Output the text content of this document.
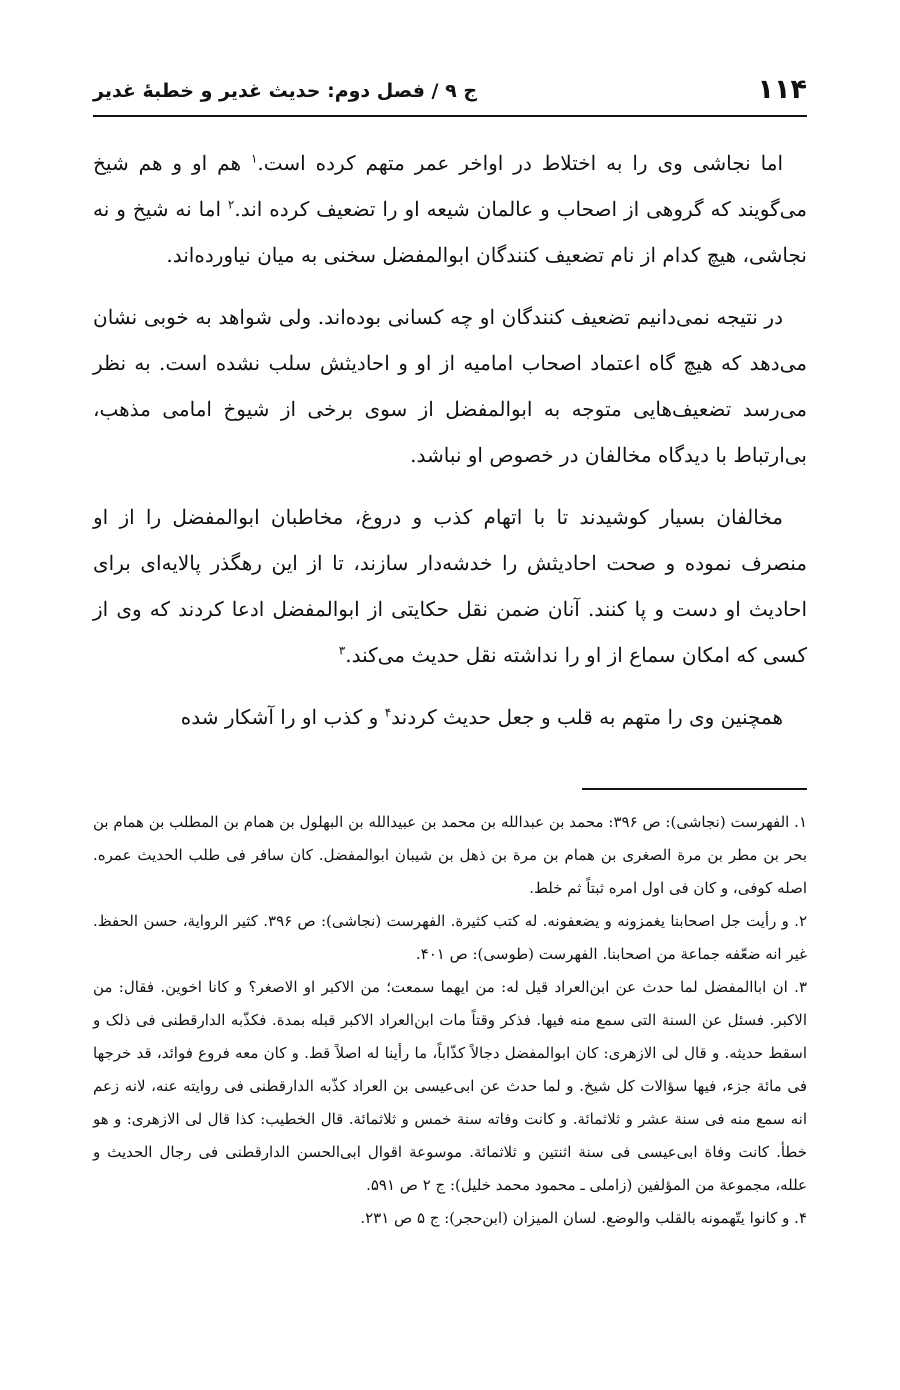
۱۱۴
ج ۹ / فصل دوم: حدیث غدیر و خطبهٔ غدیر

اما نجاشی وی را به اختلاط در اواخر عمر متهم کرده است.$^۱$ هم او و هم شیخ می‌گویند که گروهی از اصحاب و عالمان شیعه او را تضعیف کرده اند.$^۲$ اما نه شیخ و نه نجاشی، هیچ کدام از نام تضعیف کنندگان ابوالمفضل سخنی به میان نیاورده‌اند.

در نتیجه نمی‌دانیم تضعیف کنندگان او چه کسانی بوده‌اند. ولی شواهد به خوبی نشان می‌دهد که هیچ گاه اعتماد اصحاب امامیه از او و احادیثش سلب نشده است. به نظر می‌رسد تضعیف‌هایی متوجه به ابوالمفضل از سوی برخی از شیوخ امامی مذهب، بی‌ارتباط با دیدگاه مخالفان در خصوص او نباشد.

مخالفان بسیار کوشیدند تا با اتهام کذب و دروغ، مخاطبان ابوالمفضل را از او منصرف نموده و صحت احادیثش را خدشه‌دار سازند، تا از این رهگذر پالایه‌ای برای احادیث او دست و پا کنند. آنان ضمن نقل حکایتی از ابوالمفضل ادعا کردند که وی از کسی که امکان سماع از او را نداشته نقل حدیث می‌کند.$^۳$

همچنین وی را متهم به قلب و جعل حدیث کردند$^۴$ و کذب او را آشکار شده

۱. الفهرست (نجاشی): ص ۳۹۶: محمد بن عبدالله بن محمد بن عبیدالله بن البهلول بن همام بن المطلب بن همام بن بحر بن مطر بن مرة الصغری بن همام بن مرة بن ذهل بن شیبان ابوالمفضل. کان سافر فی طلب الحدیث عمره. اصله کوفی، و کان فی اول امره ثبتاً ثم خلط.

۲. و رأیت جل اصحابنا یغمزونه و یضعفونه. له کتب کثیرة. الفهرست (نجاشی): ص ۳۹۶. کثیر الروایة، حسن الحفظ. غیر انه ضعّفه جماعة من اصحابنا. الفهرست (طوسی): ص ۴۰۱.

۳. ان اباالمفضل لما حدث عن ابن‌العراد قیل له: من ایهما سمعت؛ من الاکبر او الاصغر؟ و کانا اخوین. فقال: من الاکبر. فسئل عن السنة التی سمع منه فیها. فذکر وقتاً مات ابن‌العراد الاکبر قبله بمدة. فکذّبه الدارقطنی فی ذلک و اسقط حدیثه. و قال لی الازهری: کان ابوالمفضل دجالاً کذّاباً، ما رأینا له اصلاً قط. و کان معه فروع فوائد، قد خرجها فی مائة جزء، فیها سؤالات کل شیخ. و لما حدث عن ابی‌عیسی بن العراد کذّبه الدارقطنی فی روایته عنه، لانه زعم انه سمع منه فی سنة عشر و ثلاثمائة. و کانت وفاته سنة خمس و ثلاثمائة. قال الخطیب: کذا قال لی الازهری: و هو خطأ. کانت وفاة ابی‌عیسی فی سنة اثنتین و ثلاثمائة. موسوعة اقوال ابی‌الحسن الدارقطنی فی رجال الحدیث و علله، مجموعة من المؤلفین (زاملی ـ محمود محمد خلیل): ج ۲ ص ۵۹۱.

۴. و کانوا یتّهمونه بالقلب والوضع. لسان المیزان (ابن‌حجر): ج ۵ ص ۲۳۱.
